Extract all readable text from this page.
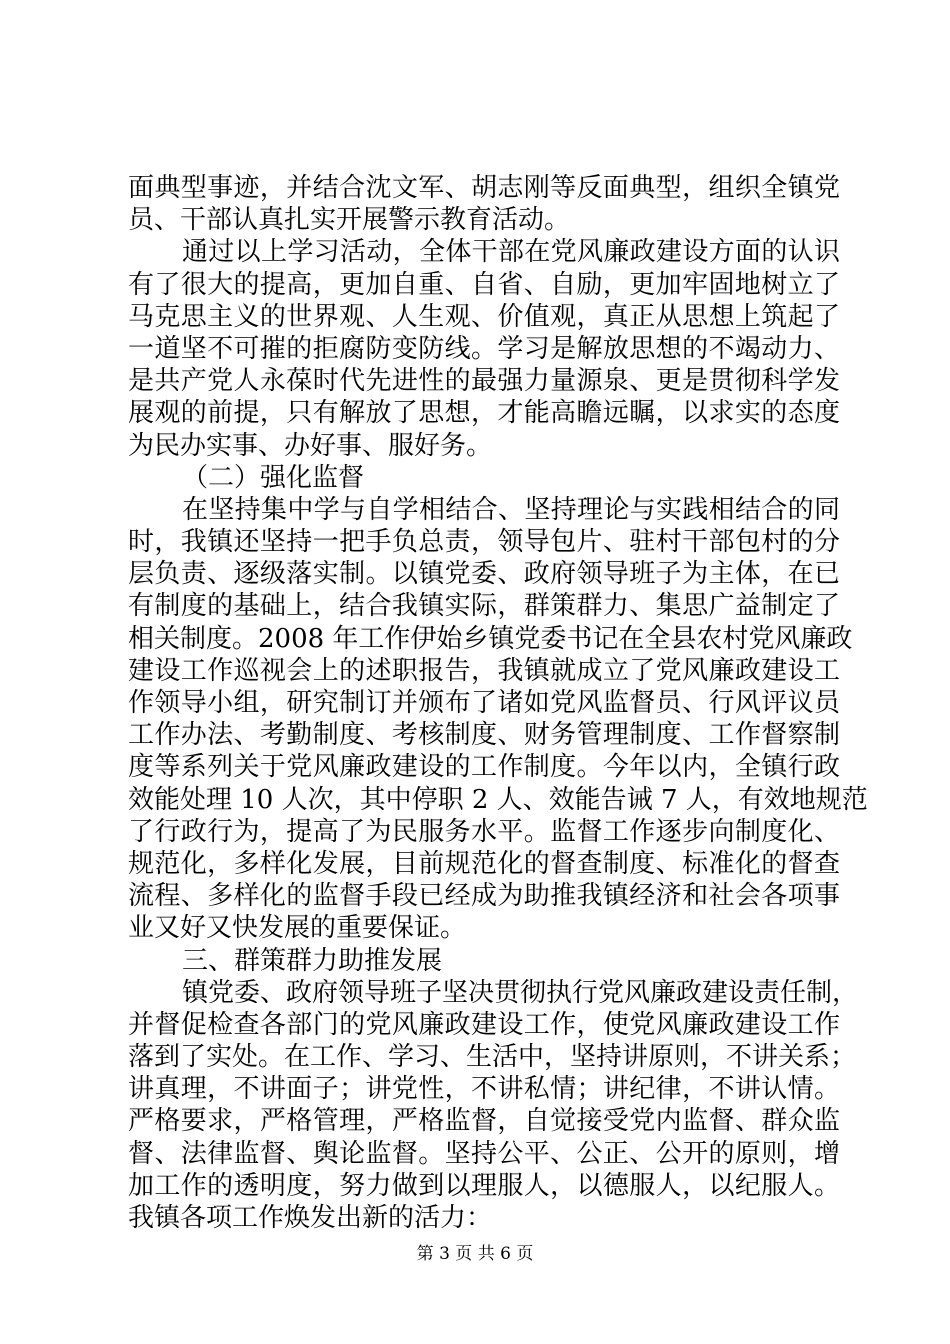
面典型事迹，并结合沈文军、胡志刚等反面典型，组织全镇党
员、干部认真扎实开展警示教育活动。
通过以上学习活动，全体干部在党风廉政建设方面的认识
有了很大的提高，更加自重、自省、自励，更加牢固地树立了
马克思主义的世界观、人生观、价值观，真正从思想上筑起了
一道坚不可摧的拒腐防变防线。学习是解放思想的不竭动力、
是共产党人永葆时代先进性的最强力量源泉、更是贯彻科学发
展观的前提，只有解放了思想，才能高瞻远瞩，以求实的态度
为民办实事、办好事、服好务。
（二）强化监督
在坚持集中学与自学相结合、坚持理论与实践相结合的同
时，我镇还坚持一把手负总责，领导包片、驻村干部包村的分
层负责、逐级落实制。以镇党委、政府领导班子为主体，在已
有制度的基础上，结合我镇实际，群策群力、集思广益制定了
相关制度。2008 年工作伊始乡镇党委书记在全县农村党风廉政
建设工作巡视会上的述职报告，我镇就成立了党风廉政建设工
作领导小组，研究制订并颁布了诸如党风监督员、行风评议员
工作办法、考勤制度、考核制度、财务管理制度、工作督察制
度等系列关于党风廉政建设的工作制度。今年以内，全镇行政
效能处理 10 人次，其中停职 2 人、效能告诫 7 人，有效地规范
了行政行为，提高了为民服务水平。监督工作逐步向制度化、
规范化，多样化发展，目前规范化的督查制度、标准化的督查
流程、多样化的监督手段已经成为助推我镇经济和社会各项事
业又好又快发展的重要保证。
三、群策群力助推发展
镇党委、政府领导班子坚决贯彻执行党风廉政建设责任制，
并督促检查各部门的党风廉政建设工作，使党风廉政建设工作
落到了实处。在工作、学习、生活中，坚持讲原则，不讲关系；
讲真理，不讲面子；讲党性，不讲私情；讲纪律，不讲认情。
严格要求，严格管理，严格监督，自觉接受党内监督、群众监
督、法律监督、舆论监督。坚持公平、公正、公开的原则，增
加工作的透明度，努力做到以理服人，以德服人，以纪服人。
我镇各项工作焕发出新的活力：
第 3 页 共 6 页
